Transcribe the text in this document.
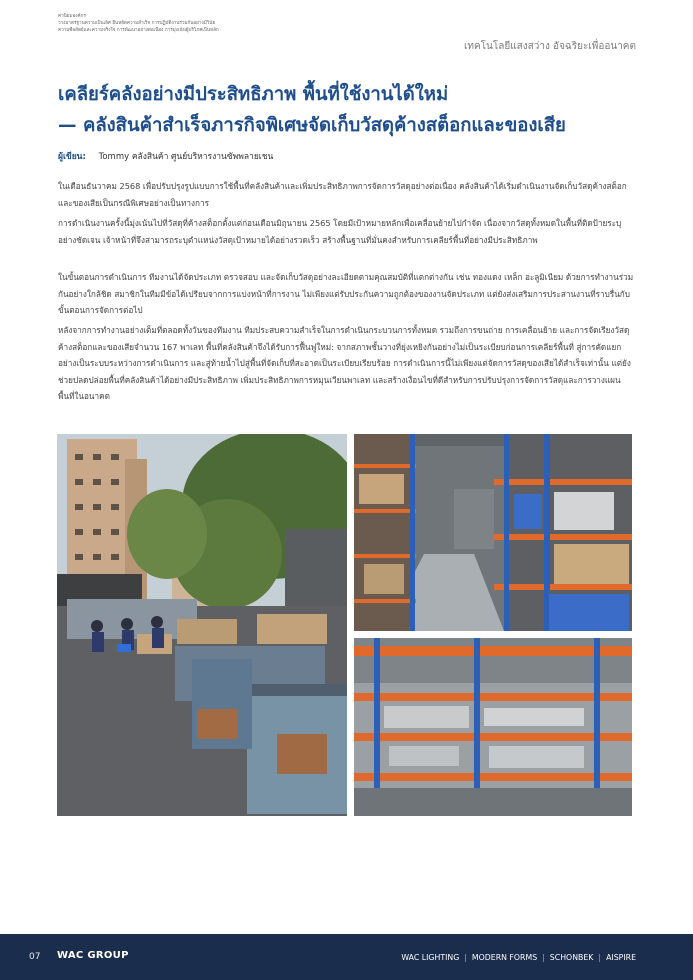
ค่านิยมองค์กร
วางมาตรฐานความเป็นเลิศ ยืนหยัดความสำเร็จ การปฏิบัติงานร่วมกันอย่างมีวินัย
ความซื่อสัตย์และความจริงใจ การพัฒนาอย่างต่อเนื่อง การมุ่งเน้นผู้บริโภคเป็นหลัก
เทคโนโลยีแสงสว่าง อัจฉริยะเพื่ออนาคต
เคลียร์คลังอย่างมีประสิทธิภาพ พื้นที่ใช้งานได้ใหม่
— คลังสินค้าสำเร็จภารกิจพิเศษจัดเก็บวัสดุค้างสต็อกและของเสีย
ผู้เขียน: Tommy คลังสินค้า ศูนย์บริหารงานซัพพลายเชน
ในเดือนธันวาคม 2568 เพื่อปรับปรุงรูปแบบการใช้พื้นที่คลังสินค้าและเพิ่มประสิทธิภาพการจัดการวัสดุอย่างต่อเนื่อง คลังสินค้าได้เริ่มดำเนินงานจัดเก็บวัสดุค้างสต็อกและของเสียเป็นกรณีพิเศษอย่างเป็นทางการ
การดำเนินงานครั้งนี้มุ่งเน้นไปที่วัสดุที่ค้างสต็อกตั้งแต่ก่อนเดือนมิถุนายน 2565 โดยมีเป้าหมายหลักเพื่อเคลื่อนย้ายไปกำจัด เนื่องจากวัสดุทั้งหมดในพื้นที่ติดป้ายระบุอย่างชัดเจน เจ้าหน้าที่จึงสามารถระบุตำแหน่งวัสดุเป้าหมายได้อย่างรวดเร็ว สร้างพื้นฐานที่มั่นคงสำหรับการเคลียร์พื้นที่อย่างมีประสิทธิภาพ
ในขั้นตอนการดำเนินการ ทีมงานได้จัดประเภท ตรวจสอบ และจัดเก็บวัสดุอย่างละเอียดตามคุณสมบัติที่แตกต่างกัน เช่น ทองแดง เหล็ก อะลูมิเนียม ด้วยการทำงานร่วมกันอย่างใกล้ชิด สมาชิกในทีมมีข้อได้เปรียบจากการแบ่งหน้าที่การงาน ไม่เพียงแต่รับประกันความถูกต้องของงานจัดประเภท แต่ยังส่งเสริมการประสานงานที่ราบรื่นกับขั้นตอนการจัดการต่อไป
หลังจากการทำงานอย่างเต็มที่ตลอดทั้งวันของทีมงาน ทีมประสบความสำเร็จในการดำเนินกระบวนการทั้งหมด รวมถึงการขนถ่าย การเคลื่อนย้าย และการจัดเรียงวัสดุค้างสต็อกและของเสียจำนวน 167 พาเลท พื้นที่คลังสินค้าจึงได้รับการฟื้นฟูใหม่: จากสภาพชั้นวางที่ยุ่งเหยิงกันอย่างไม่เป็นระเบียบก่อนการเคลียร์พื้นที่ สู่การคัดแยกอย่างเป็นระบบระหว่างการดำเนินการ และสู่ท้ายน้ำไปสู่พื้นที่จัดเก็บที่สะอาดเป็นระเบียบเรียบร้อย การดำเนินการนี้ไม่เพียงแต่จัดการวัสดุของเสียได้สำเร็จเท่านั้น แต่ยังช่วยปลดปล่อยพื้นที่คลังสินค้าได้อย่างมีประสิทธิภาพ เพิ่มประสิทธิภาพการหมุนเวียนพาเลท และสร้างเงื่อนไขที่ดีสำหรับการปรับปรุงการจัดการวัสดุและการวางแผนพื้นที่ในอนาคต
07 WAC GROUP	WAC LIGHTING | MODERN FORMS | SCHONBEK | AISPIRE
